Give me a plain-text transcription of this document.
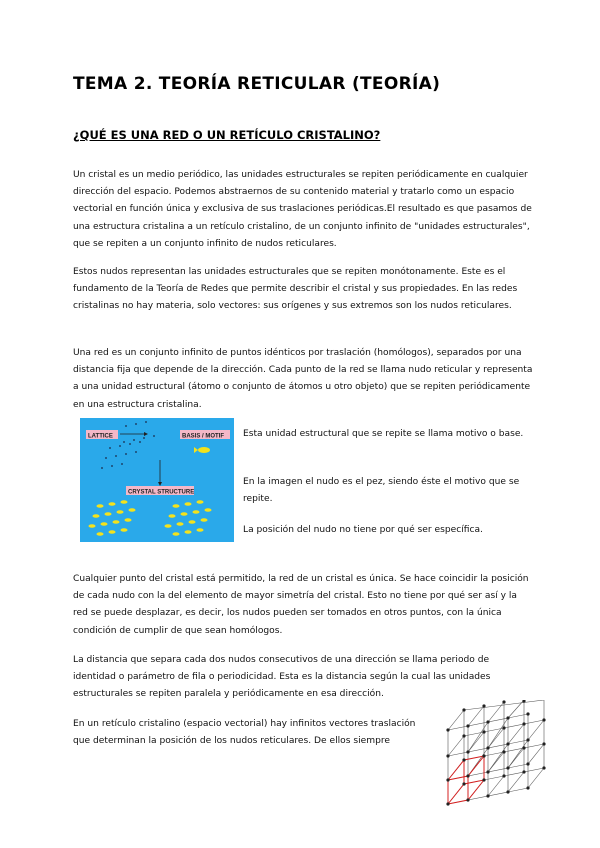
TEMA 2. TEORÍA RETICULAR (TEORÍA)
¿QUÉ ES UNA RED O UN RETÍCULO CRISTALINO?

Un cristal es un medio periódico, las unidades estructurales se repiten periódicamente en cualquier dirección del espacio. Podemos abstraernos de su contenido material y tratarlo como un espacio vectorial en función única y exclusiva de sus traslaciones periódicas.El resultado es que pasamos de una estructura cristalina a un retículo cristalino, de un conjunto infinito de "unidades estructurales", que se repiten a un conjunto infinito de nudos reticulares.

Estos nudos representan las unidades estructurales que se repiten monótonamente. Este es el fundamento de la Teoría de Redes que permite describir el cristal y sus propiedades. En las redes cristalinas no hay materia, solo vectores: sus orígenes y sus extremos son los nudos reticulares.

Una red es un conjunto infinito de puntos idénticos por traslación (homólogos), separados por una distancia fija que depende de la dirección. Cada punto de la red se llama nudo reticular y representa a una unidad estructural (átomo o conjunto de átomos u otro objeto) que se repiten periódicamente en una estructura cristalina.

LATTICE	BASIS / MOTIF
CRYSTAL STRUCTURE

Esta unidad estructural que se repite se llama motivo o base.

En la imagen el nudo es el pez, siendo éste el motivo que se repite.

La posición del nudo no tiene por qué ser específica.

Cualquier punto del cristal está permitido, la red de un cristal es única. Se hace coincidir la posición de cada nudo con la del elemento de mayor simetría del cristal. Esto no tiene por qué ser así y la red se puede desplazar, es decir, los nudos pueden ser tomados en otros puntos, con la única condición de cumplir de que sean homólogos.

La distancia que separa cada dos nudos consecutivos de una dirección se llama periodo de identidad o parámetro de fila o periodicidad. Esta es la distancia según la cual las unidades estructurales se repiten paralela y periódicamente en esa dirección.

En un retículo cristalino (espacio vectorial) hay infinitos vectores traslación que determinan la posición de los nudos reticulares. De ellos siempre
